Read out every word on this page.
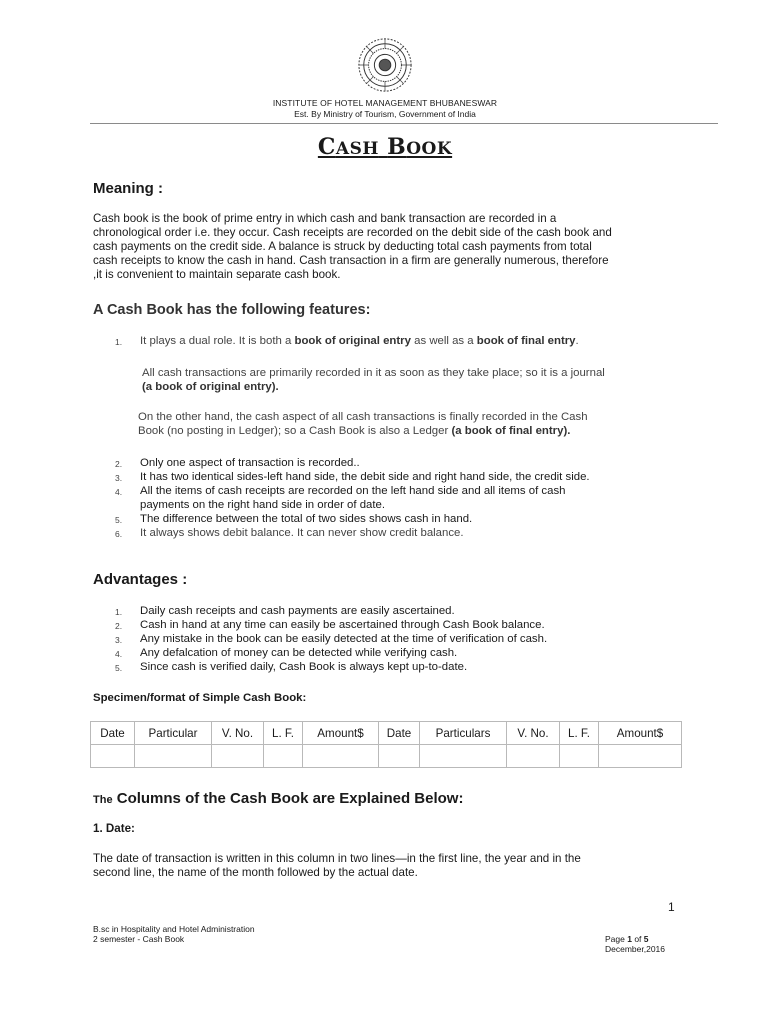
INSTITUTE OF HOTEL MANAGEMENT BHUBANESWAR
Est. By Ministry of Tourism, Government of India
CASH BOOK
Meaning :
Cash book is the book of prime entry in which cash and bank transaction are recorded in a
chronological order i.e. they occur. Cash receipts are recorded on the debit side of the cash book and
cash payments on the credit side. A balance is struck by deducting total cash payments from total
cash receipts to know the cash in hand. Cash transaction in a firm are generally numerous, therefore
,it is convenient to maintain separate cash book.
A Cash Book has the following features:
1. It plays a dual role. It is both a book of original entry as well as a book of final entry.
All cash transactions are primarily recorded in it as soon as they take place; so it is a journal
(a book of original entry).
On the other hand, the cash aspect of all cash transactions is finally recorded in the Cash
Book (no posting in Ledger); so a Cash Book is also a Ledger (a book of final entry).
2. Only one aspect of transaction is recorded..
3. It has two identical sides-left hand side, the debit side and right hand side, the credit side.
4. All the items of cash receipts are recorded on the left hand side and all items of cash
payments on the right hand side in order of date.
5. The difference between the total of two sides shows cash in hand.
6. It always shows debit balance. It can never show credit balance.
Advantages :
1. Daily cash receipts and cash payments are easily ascertained.
2. Cash in hand at any time can easily be ascertained through Cash Book balance.
3. Any mistake in the book can be easily detected at the time of verification of cash.
4. Any defalcation of money can be detected while verifying cash.
5. Since cash is verified daily, Cash Book is always kept up-to-date.
Specimen/format of Simple Cash Book:
Date	Particular	V. No.	L. F.	Amount$	Date	Particulars	V. No.	L. F.	Amount$

The Columns of the Cash Book are Explained Below:
1. Date:
The date of transaction is written in this column in two lines—in the first line, the year and in the
second line, the name of the month followed by the actual date.
1
B.sc in Hospitality and Hotel Administration
2 semester - Cash Book	Page 1 of 5
December,2016
